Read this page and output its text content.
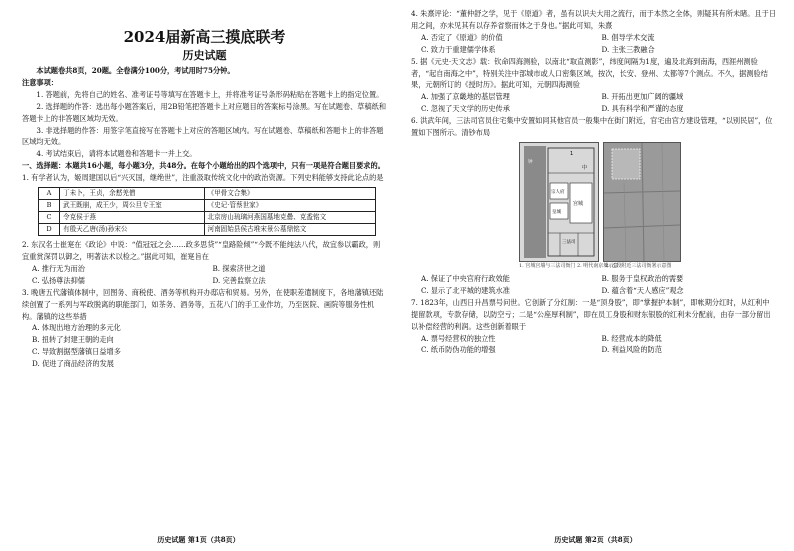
2024届新高三摸底联考
历史试题
本试题卷共8页，20题。全卷满分100分，考试用时75分钟。
注意事项：
1. 答题前，先将自己的姓名、准考证号等填写在答题卡上，并将准考证号条形码粘贴在答题卡上的指定位置。
2. 选择题的作答：选出每小题答案后，用2B铅笔把答题卡上对应题目的答案标号涂黑。写在试题卷、草稿纸和答题卡上的非答题区域均无效。
3. 非选择题的作答：用签字笔直接写在答题卡上对应的答题区域内。写在试题卷、草稿纸和答题卡上的非答题区域均无效。
4. 考试结束后，请将本试题卷和答题卡一并上交。
一、选择题：本题共16小题，每小题3分，共48分。在每个小题给出的四个选项中，只有一项是符合题目要求的。
1. 有学者认为，姬周建国以后“兴灭国，继绝世”，注重汲取传统文化中的政治资源。下列史料能够支持此论点的是
A	丁未卜，王贞，余慭羌僧	《甲骨文合集》
B	武王既崩，成王少，周公旦专王室	《史记·管蔡世家》
C	令克侯于燕	北京房山琉璃河燕国墓地克罍、克盉铭文
D	有殷天乙唐(汤)孙宋公	河南固始县侯古堆宋景公墓鼎铭文
2. 东汉名士崔寔在《政论》中说：“值冠冠之会……政多思贷”“皇路险倾”“今既不能纯法八代，故宜参以霸政，则宜重赏深罚以御之，明著法术以检之。”据此可知，崔寔旨在
A. 推行无为而治	B. 探索济世之道
C. 弘扬尊法抑儒	D. 完善监察立法
3. 晚唐五代藩镇体制中，回图务、商税使、酒务等机构开办邸店和贸易。另外，在使职差遣制度下，各地藩镇还陆续创置了一系列与军政脱离的职能部门，如茶务、酒务等，五花八门的手工业作坊，乃至医院、画院等服务性机构。藩镇的这些举措
A. 体现出地方治理的多元化
B. 扭转了封建王朝的走向
C. 导致割据型藩镇日益增多
D. 促进了商品经济的发展
历史试题 第1页（共8页）
4. 朱熹评论：“董仲舒之学，见于《原道》者，虽有以识夫大用之流行，而于本然之全体，则疑其有所未睹。且于日用之间，亦未见其有以存养省察而体之于身也。”据此可知，朱熹
A. 否定了《原道》的价值	B. 倡导学术交流
C. 致力于重建儒学体系	D. 主张三教融合
5. 据《元史·天文志》载：钦命四海测验，以南北“取直测影”，纬度间隔为1度，遍及北海到南海，西涯州测验者，“起自南海之中”，特别关注中部城市或人口密集区域，按次，长安、登州、太都等7个测点。不久，据测验结果，元朝所订的《授时历》。据此可知，元朝四海测验
A. 加强了京畿地的基层管理	B. 开拓出更加广阔的疆域
C. 忽视了天文学的历史传承	D. 具有科学和严谨的态度
6. 洪武年间，三法司官员住宅集中安置如同其他官员一般集中在街门附近，官宅由官方建设管理，“以别民居”，位置如下图所示。清钞布局
1
中
宫城
宗人府
皇城
三法司
钟
1. 宫城宫墙与三法司衙门 2. 明代南京城示意
2. 乙段附近三法司衙署示意图
A. 保证了中央官府行政效能	B. 服务于皇权政治的需要
C. 显示了北平城的建筑水准	D. 蕴含着“天人感应”观念
7. 1823年，山西日升昌票号问世。它创新了分红制：一是“顶身股”，即“掌握护本制”，即帐期分红时，从红利中提留款项，专款存储，以防空亏；二是“公座厚利制”，即在员工身股和财东银股的红利未分配前，由存一部分留出以补偿经营的利润。这些创新着眼于
A. 票号经营权的独立性	B. 经营成本的降低
C. 纸币防伪功能的增强	D. 利益风险的防范
历史试题 第2页（共8页）
